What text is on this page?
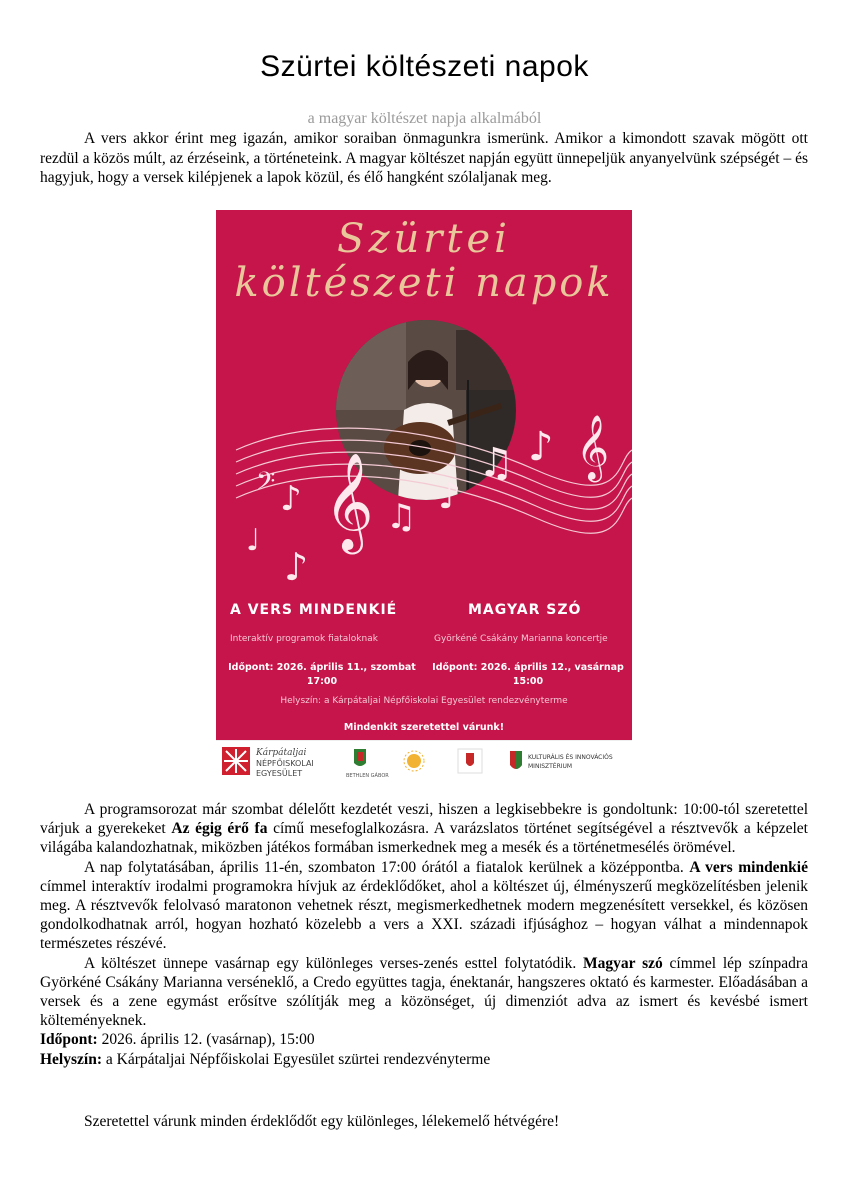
Szürtei költészeti napok

a magyar költészet napja alkalmából

A vers akkor érint meg igazán, amikor soraiban önmagunkra ismerünk. Amikor a kimondott szavak mögött ott rezdül a közös múlt, az érzéseink, a történeteink. A magyar költészet napján együtt ünnepeljük anyanyelvünk szépségét – és hagyjuk, hogy a versek kilépjenek a lapok közül, és élő hangként szólaljanak meg.

Szürtei

költészeti napok

𝄞
♪
♪
♩
♫ ♪
♫ ♪ 𝄞
𝄢

A VERS MINDENKIÉ

Interaktív programok fiataloknak

Időpont: 2026. április 11., szombat
17:00

MAGYAR SZÓ

Györkéné Csákány Marianna koncertje

Időpont: 2026. április 12., vasárnap
15:00

Helyszín: a Kárpátaljai Népfőiskolai Egyesület rendezvényterme

Mindenkit szeretettel várunk!

Kárpátaljai
NÉPFŐISKOLAI
EGYESÜLET	BETHLEN GÁBOR
KULTURÁLIS ÉS INNOVÁCIÓS
MINISZTÉRIUM

A programsorozat már szombat délelőtt kezdetét veszi, hiszen a legkisebbekre is gondoltunk: 10:00-tól szeretettel várjuk a gyerekeket Az égig érő fa című mesefoglalkozásra. A varázslatos történet segítségével a résztvevők a képzelet világába kalandozhatnak, miközben játékos formában ismerkednek meg a mesék és a történetmesélés örömével.

A nap folytatásában, április 11-én, szombaton 17:00 órától a fiatalok kerülnek a középpontba. A vers mindenkié címmel interaktív irodalmi programokra hívjuk az érdeklődőket, ahol a költészet új, élményszerű megközelítésben jelenik meg. A résztvevők felolvasó maratonon vehetnek részt, megismerkedhetnek modern megzenésített versekkel, és közösen gondolkodhatnak arról, hogyan hozható közelebb a vers a XXI. századi ifjúsághoz – hogyan válhat a mindennapok természetes részévé.

A költészet ünnepe vasárnap egy különleges verses-zenés esttel folytatódik. Magyar szó címmel lép színpadra Györkéné Csákány Marianna verséneklő, a Credo együttes tagja, énektanár, hangszeres oktató és karmester. Előadásában a versek és a zene egymást erősítve szólítják meg a közönséget, új dimenziót adva az ismert és kevésbé ismert költeményeknek.

Időpont: 2026. április 12. (vasárnap), 15:00

Helyszín: a Kárpátaljai Népfőiskolai Egyesület szürtei rendezvényterme

Szeretettel várunk minden érdeklődőt egy különleges, lélekemelő hétvégére!
